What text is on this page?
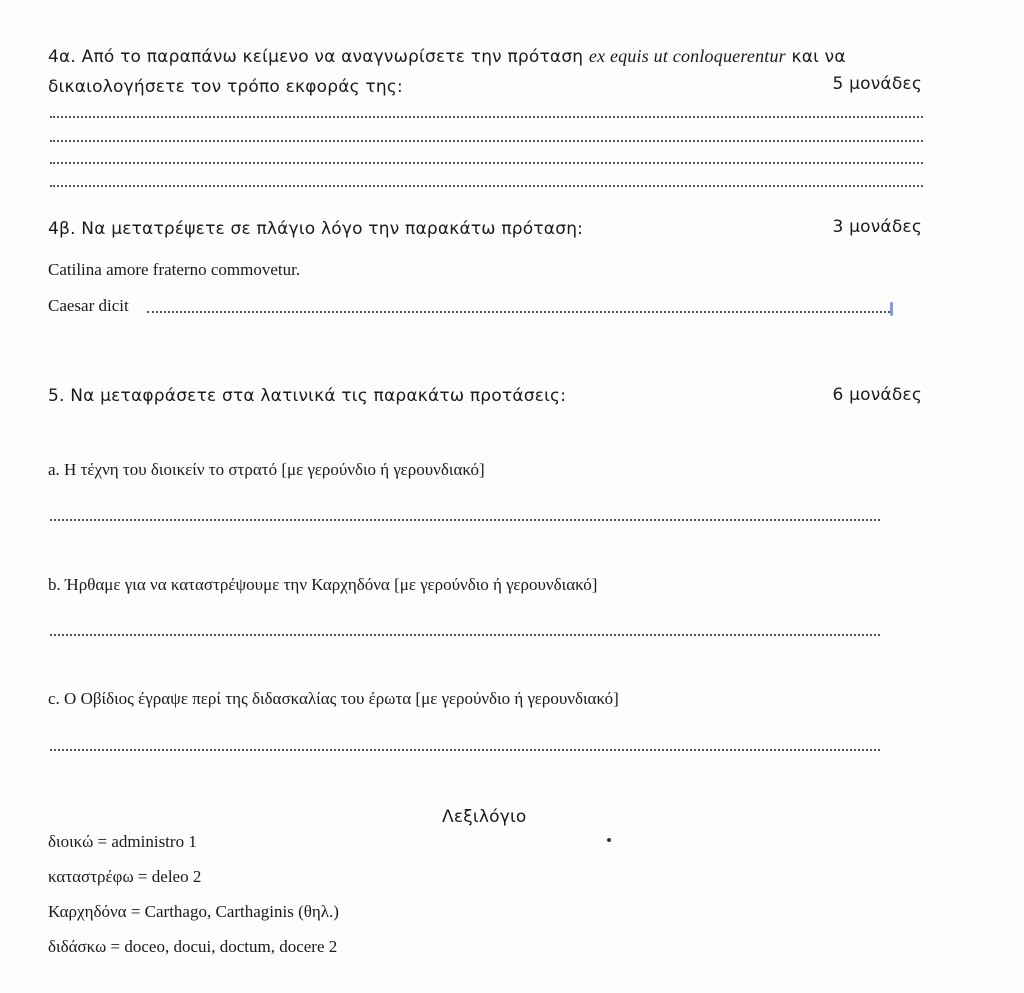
4α. Από το παραπάνω κείμενο να αναγνωρίσετε την πρόταση ex equis ut conloquerentur και να
δικαιολογήσετε τον τρόπο εκφοράς της:	5 μονάδες
4β. Να μετατρέψετε σε πλάγιο λόγο την παρακάτω πρόταση:	3 μονάδες
Catilina amore fraterno commovetur.
Caesar dicit
5. Να μεταφράσετε στα λατινικά τις παρακάτω προτάσεις:	6 μονάδες
a. Η τέχνη του διοικείν το στρατό [με γερούνδιο ή γερουνδιακό]
b. Ήρθαμε για να καταστρέψουμε την Καρχηδόνα [με γερούνδιο ή γερουνδιακό]
c. Ο Οβίδιος έγραψε περί της διδασκαλίας του έρωτα [με γερούνδιο ή γερουνδιακό]
Λεξιλόγιο
διοικώ = administro 1
καταστρέφω = deleo 2
Καρχηδόνα = Carthago, Carthaginis (θηλ.)
διδάσκω = doceo, docui, doctum, docere 2
